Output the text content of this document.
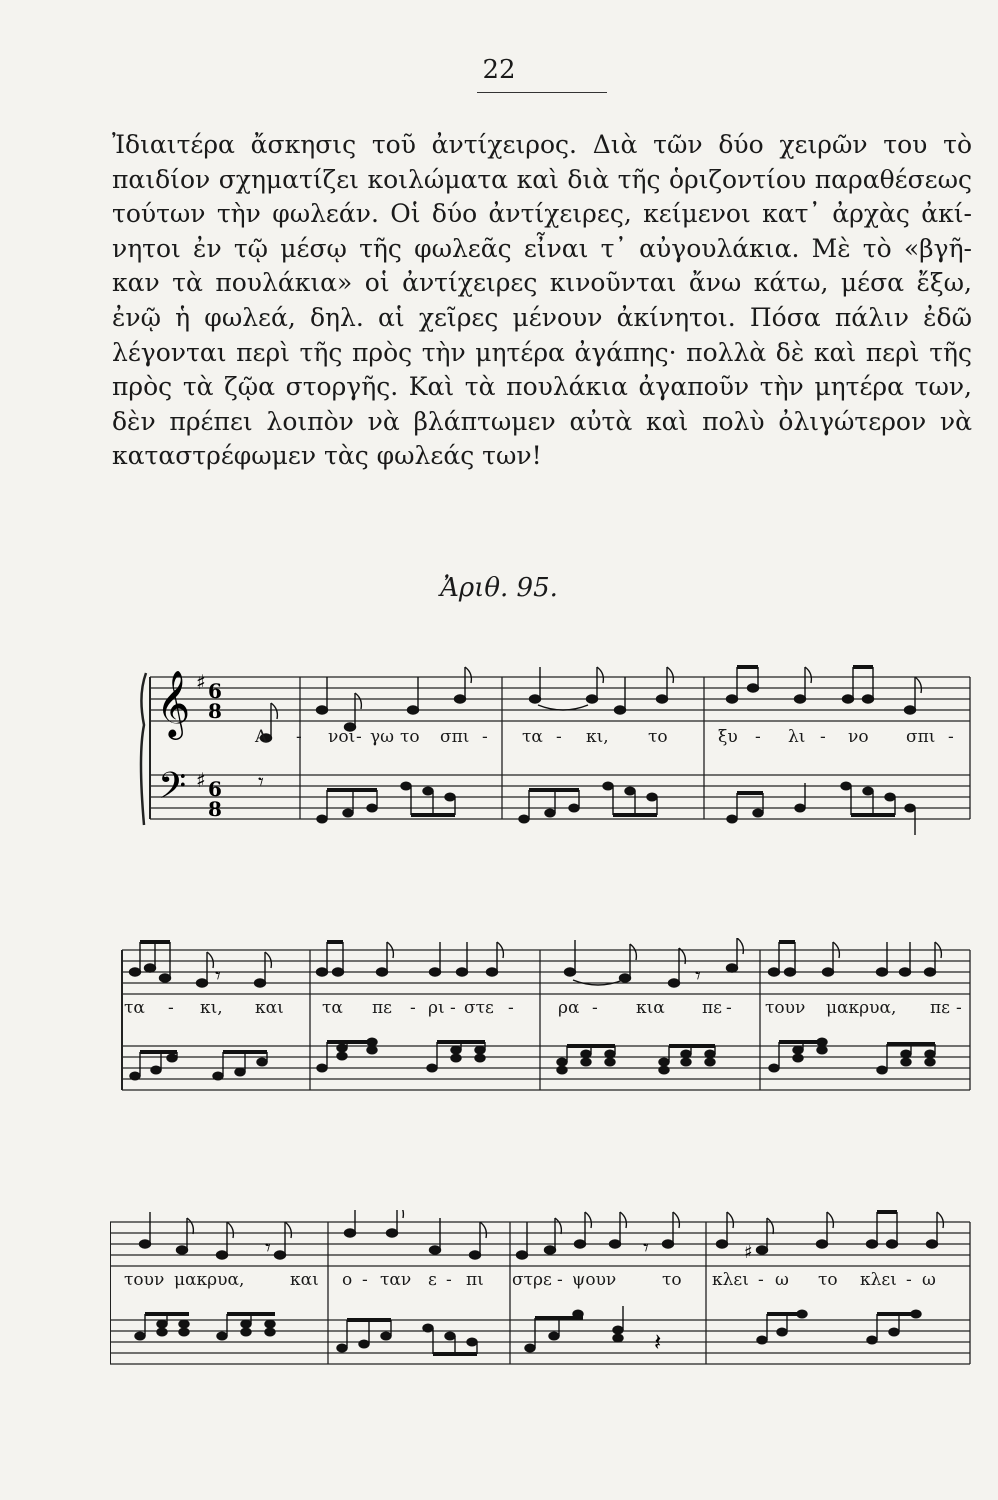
22
Ἰδιαιτέρα ἄσκησις τοῦ ἀντίχειρος. Διὰ τῶν δύο χειρῶν του τὸ
παιδίον σχηματίζει κοιλώματα καὶ διὰ τῆς ὁριζοντίου παραθέσεως
τούτων τὴν φωλεάν. Οἱ δύο ἀντίχειρες, κείμενοι κατ᾽ ἀρχὰς ἀκί-
νητοι ἐν τῷ μέσῳ τῆς φωλεᾶς εἶναι τ᾽ αὐγουλάκια. Μὲ τὸ «βγῆ-
καν τὰ πουλάκια» οἱ ἀντίχειρες κινοῦνται ἄνω κάτω, μέσα ἔξω,
ἐνῷ ἡ φωλεά, δηλ. αἱ χεῖρες μένουν ἀκίνητοι. Πόσα πάλιν ἐδῶ
λέγονται περὶ τῆς πρὸς τὴν μητέρα ἀγάπης· πολλὰ δὲ καὶ περὶ τῆς
πρὸς τὰ ζῷα στοργῆς. Καὶ τὰ πουλάκια ἀγαποῦν τὴν μητέρα των,
δὲν πρέπει λοιπὸν νὰ βλάπτωμεν αὐτὰ καὶ πολὺ ὀλιγώτερον νὰ
καταστρέφωμεν τὰς φωλεάς των!
Ἀριθ. 95.
𝄞
𝄢
♯
♯
6
8
6
8
𝄾
Α - νοι - γω το σπι - τα - κι, το	ξυ - λι - νο σπι -
𝄾	𝄾
τα - κι, και τα πε - ρι - στε -	ρα - κια πε - τουν μακρυα, πε -
𝄾	𝄾
𝄽
♯
τουν μακρυα,	και ο - ταν ε - πι στρε - ψουν	το κλει - ω το κλει - ω
